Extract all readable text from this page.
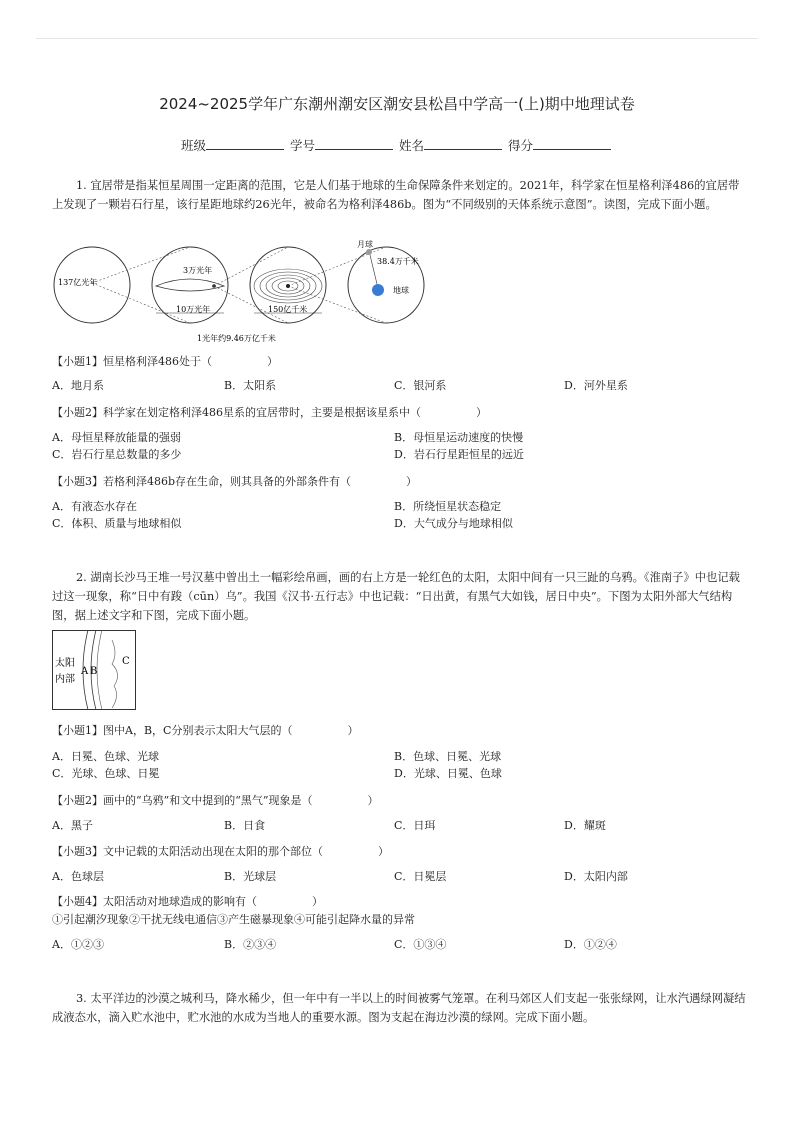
2024~2025学年广东潮州潮安区潮安县松昌中学高一(上)期中地理试卷
班级	学号	姓名	得分
1. 宜居带是指某恒星周围一定距离的范围，它是人们基于地球的生命保障条件来划定的。2021年，科学家在恒星格利泽486的宜居带上发现了一颗岩石行星，该行星距地球约26光年，被命名为格利泽486b。图为“不同级别的天体系统示意图”。读图，完成下面小题。
137亿光年
3万光年
10万光年	150亿千米
月球
38.4万千米
地球
1光年约9.46万亿千米
【小题1】恒星格利泽486处于（　　　　　）
A．地月系	B．太阳系	C．银河系	D．河外星系
【小题2】科学家在划定格利泽486星系的宜居带时，主要是根据该星系中（　　　　　）
A．母恒星释放能量的强弱	B．母恒星运动速度的快慢
C．岩石行星总数量的多少	D．岩石行星距恒星的远近
【小题3】若格利泽486b存在生命，则其具备的外部条件有（　　　　　）
A．有液态水存在	B．所绕恒星状态稳定
C．体积、质量与地球相似	D．大气成分与地球相似
2. 湖南长沙马王堆一号汉墓中曾出土一幅彩绘帛画，画的右上方是一轮红色的太阳，太阳中间有一只三趾的乌鸦。《淮南子》中也记载过这一现象，称“日中有踆（cūn）乌”。我国《汉书·五行志》中也记载：“日出黄，有黑气大如钱，居日中央”。下图为太阳外部大气结构图，据上述文字和下图，完成下面小题。
太阳
内部
A B
C
【小题1】图中A，B，C分别表示太阳大气层的（　　　　　）
A．日冕、色球、光球	B．色球、日冕、光球
C．光球、色球、日冕	D．光球、日冕、色球
【小题2】画中的“乌鸦”和文中提到的“黑气”现象是（　　　　　）
A．黑子	B．日食	C．日珥	D．耀斑
【小题3】文中记载的太阳活动出现在太阳的那个部位（　　　　　）
A．色球层	B．光球层	C．日冕层	D．太阳内部
【小题4】太阳活动对地球造成的影响有（　　　　　）
①引起潮汐现象②干扰无线电通信③产生磁暴现象④可能引起降水量的异常
A．①②③	B．②③④	C．①③④	D．①②④
3. 太平洋边的沙漠之城利马，降水稀少，但一年中有一半以上的时间被雾气笼罩。在利马郊区人们支起一张张绿网，让水汽遇绿网凝结成液态水，滴入贮水池中，贮水池的水成为当地人的重要水源。图为支起在海边沙漠的绿网。完成下面小题。
